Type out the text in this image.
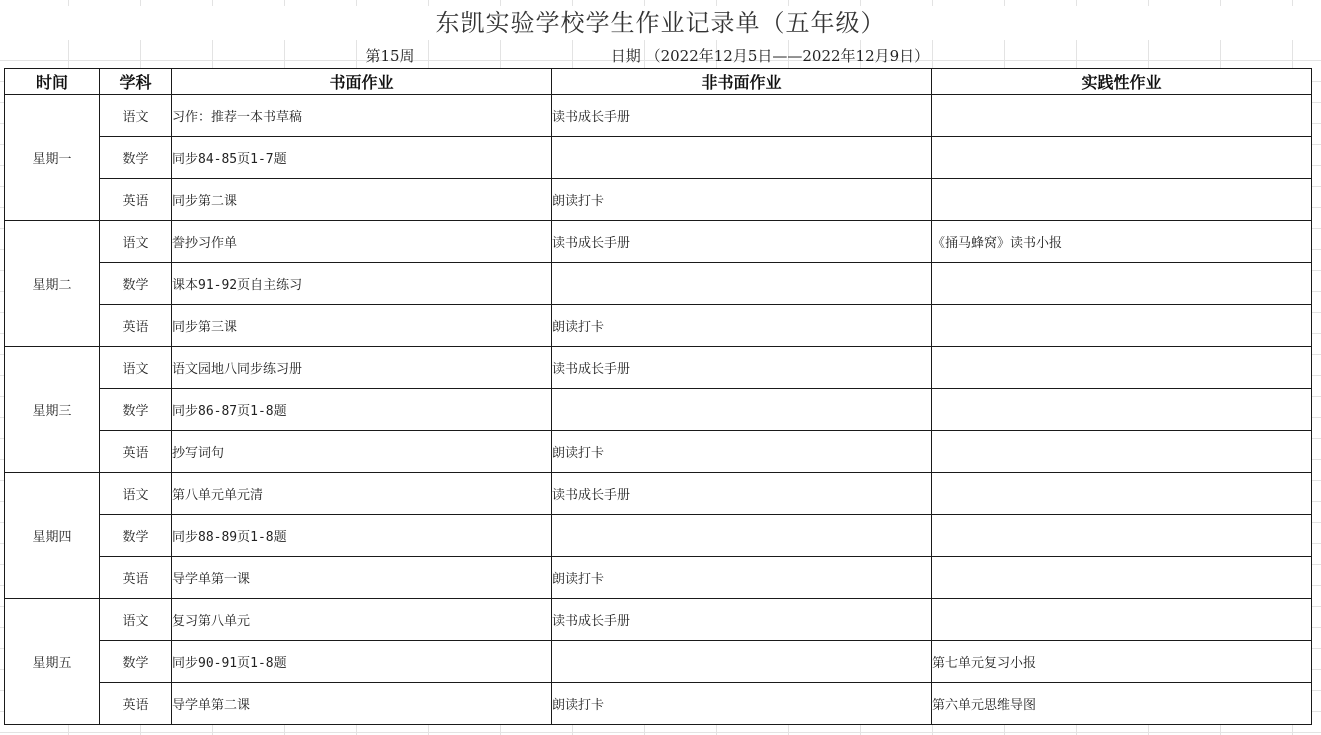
东凯实验学校学生作业记录单（五年级）
第15周	日期 （2022年12月5日——2022年12月9日）
时间	学科	书面作业	非书面作业	实践性作业
星期一	语文	习作：推荐一本书草稿	读书成长手册	
	数学	同步84-85页1-7题		
	英语	同步第二课	朗读打卡	
星期二	语文	誊抄习作单	读书成长手册	《捅马蜂窝》读书小报
	数学	课本91-92页自主练习		
	英语	同步第三课	朗读打卡	
星期三	语文	语文园地八同步练习册	读书成长手册	
	数学	同步86-87页1-8题		
	英语	抄写词句	朗读打卡	
星期四	语文	第八单元单元清	读书成长手册	
	数学	同步88-89页1-8题		
	英语	导学单第一课	朗读打卡	
星期五	语文	复习第八单元	读书成长手册	
	数学	同步90-91页1-8题		第七单元复习小报
	英语	导学单第二课	朗读打卡	第六单元思维导图
